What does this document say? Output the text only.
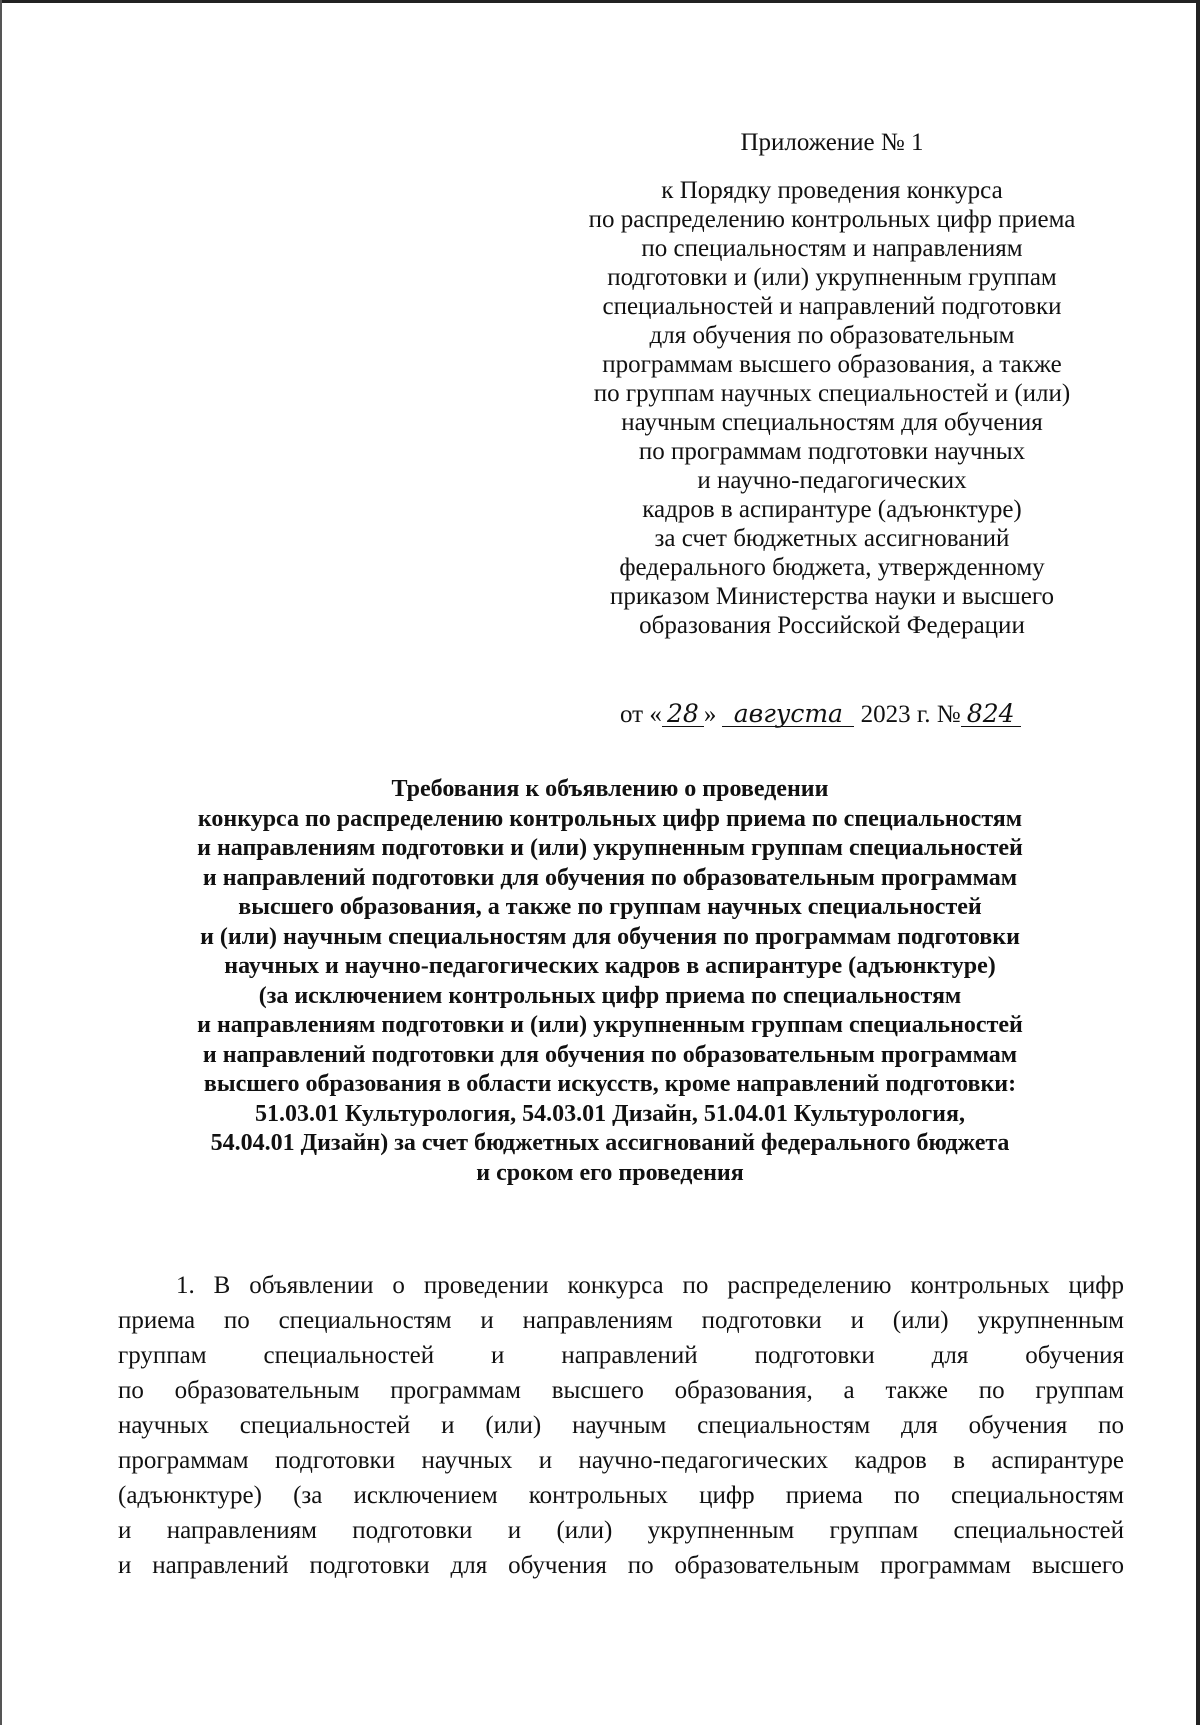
Приложение № 1
к Порядку проведения конкурса
по распределению контрольных цифр приема
по специальностям и направлениям
подготовки и (или) укрупненным группам
специальностей и направлений подготовки
для обучения по образовательным
программам высшего образования, а также
по группам научных специальностей и (или)
научным специальностям для обучения
по программам подготовки научных
и научно-педагогических
кадров в аспирантуре (адъюнктуре)
за счет бюджетных ассигнований
федерального бюджета, утвержденному
приказом Министерства науки и высшего
образования Российской Федерации
от « 28 » августа 2023 г. № 824
Требования к объявлению о проведении
конкурса по распределению контрольных цифр приема по специальностям
и направлениям подготовки и (или) укрупненным группам специальностей
и направлений подготовки для обучения по образовательным программам
высшего образования, а также по группам научных специальностей
и (или) научным специальностям для обучения по программам подготовки
научных и научно-педагогических кадров в аспирантуре (адъюнктуре)
(за исключением контрольных цифр приема по специальностям
и направлениям подготовки и (или) укрупненным группам специальностей
и направлений подготовки для обучения по образовательным программам
высшего образования в области искусств, кроме направлений подготовки:
51.03.01 Культурология, 54.03.01 Дизайн, 51.04.01 Культурология,
54.04.01 Дизайн) за счет бюджетных ассигнований федерального бюджета
и сроком его проведения
1. В объявлении о проведении конкурса по распределению контрольных цифр
приема по специальностям и направлениям подготовки и (или) укрупненным
группам специальностей и направлений подготовки для обучения
по образовательным программам высшего образования, а также по группам
научных специальностей и (или) научным специальностям для обучения по
программам подготовки научных и научно-педагогических кадров в аспирантуре
(адъюнктуре) (за исключением контрольных цифр приема по специальностям
и направлениям подготовки и (или) укрупненным группам специальностей
и направлений подготовки для обучения по образовательным программам высшего
